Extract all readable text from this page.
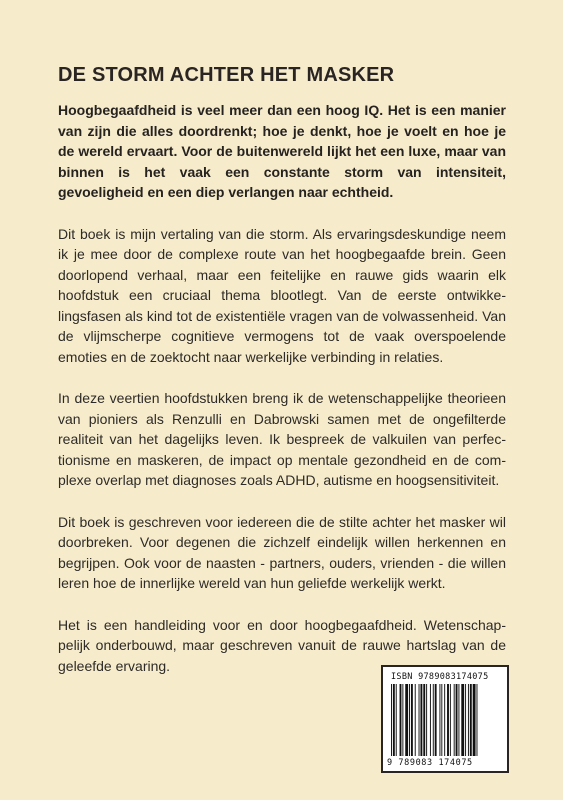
DE STORM ACHTER HET MASKER

Hoogbegaafdheid is veel meer dan een hoog IQ. Het is een manier van zijn die alles doordrenkt; hoe je denkt, hoe je voelt en hoe je de wereld ervaart. Voor de buitenwereld lijkt het een luxe, maar van binnen is het vaak een constante storm van intensiteit, gevoeligheid en een diep verlangen naar echtheid.

Dit boek is mijn vertaling van die storm. Als ervaringsdeskundige neem ik je mee door de complexe route van het hoogbegaafde brein. Geen doorlopend verhaal, maar een feitelijke en rauwe gids waarin elk hoofdstuk een cruciaal thema blootlegt. Van de eerste ontwikkelingsfasen als kind tot de existentiële vragen van de volwassenheid. Van de vlijmscherpe cognitieve vermogens tot de vaak overspoelende emoties en de zoektocht naar werkelijke verbinding in relaties.

In deze veertien hoofdstukken breng ik de wetenschappelijke theorieen van pioniers als Renzulli en Dabrowski samen met de ongefilterde realiteit van het dagelijks leven. Ik bespreek de valkuilen van perfectionisme en maskeren, de impact op mentale gezondheid en de complexe overlap met diagnoses zoals ADHD, autisme en hoogsensitiviteit.

Dit boek is geschreven voor iedereen die de stilte achter het masker wil doorbreken. Voor degenen die zichzelf eindelijk willen herkennen en begrijpen. Ook voor de naasten - partners, ouders, vrienden - die willen leren hoe de innerlijke wereld van hun geliefde werkelijk werkt.

Het is een handleiding voor en door hoogbegaafdheid. Wetenschappelijk onderbouwd, maar geschreven vanuit de rauwe hartslag van de geleefde ervaring.

ISBN 9789083174075
9 789083 174075
